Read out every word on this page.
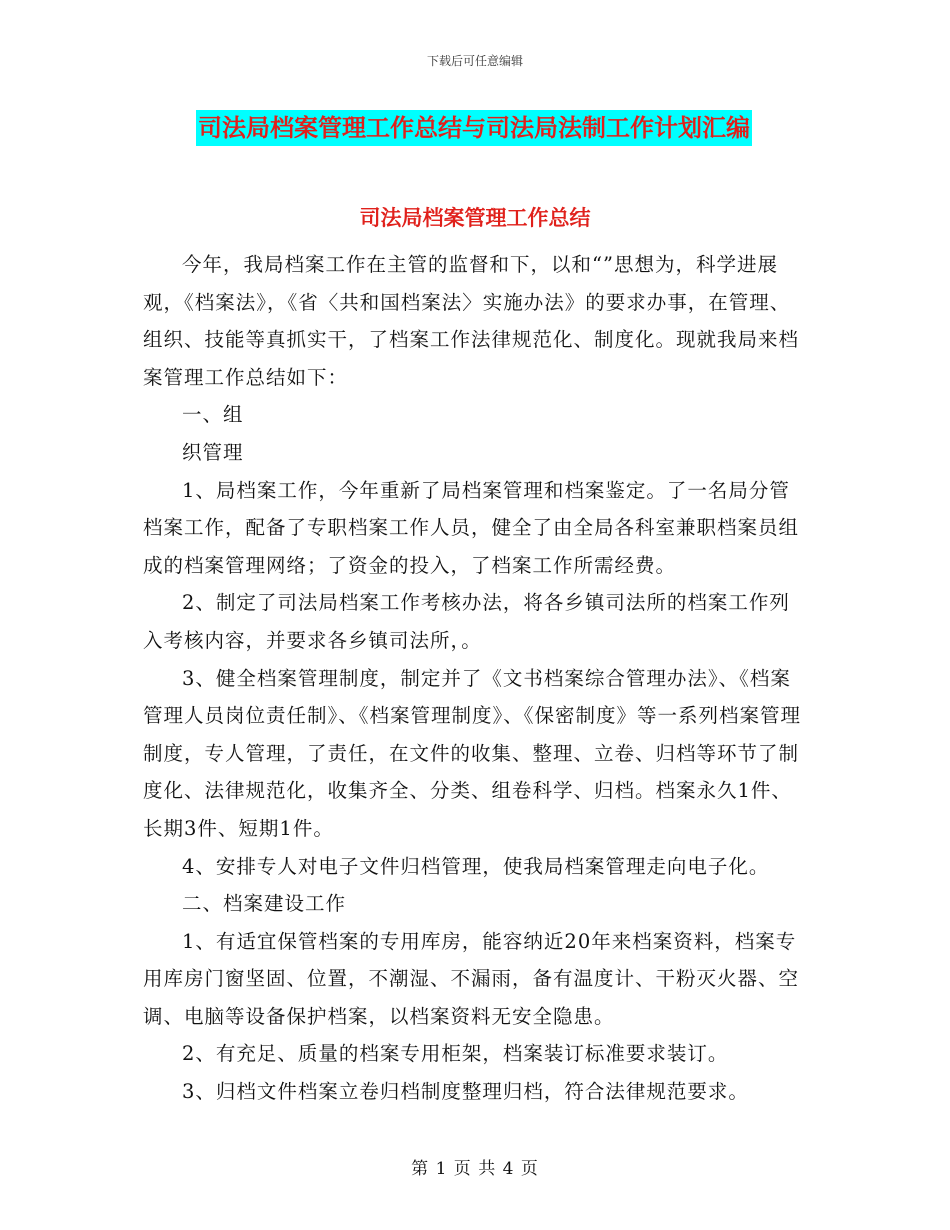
下载后可任意编辑
司法局档案管理工作总结与司法局法制工作计划汇编
司法局档案管理工作总结

今年，我局档案工作在主管的监督和下，以和“”思想为，科学进展观，《档案法》，《省〈共和国档案法〉实施办法》的要求办事，在管理、组织、技能等真抓实干，了档案工作法律规范化、制度化。现就我局来档案管理工作总结如下：

一、组

织管理

1、局档案工作，今年重新了局档案管理和档案鉴定。了一名局分管档案工作，配备了专职档案工作人员，健全了由全局各科室兼职档案员组成的档案管理网络；了资金的投入，了档案工作所需经费。

2、制定了司法局档案工作考核办法，将各乡镇司法所的档案工作列入考核内容，并要求各乡镇司法所，。

3、健全档案管理制度，制定并了《文书档案综合管理办法》、《档案管理人员岗位责任制》、《档案管理制度》、《保密制度》等一系列档案管理制度，专人管理，了责任，在文件的收集、整理、立卷、归档等环节了制度化、法律规范化，收集齐全、分类、组卷科学、归档。档案永久1件、长期3件、短期1件。

4、安排专人对电子文件归档管理，使我局档案管理走向电子化。

二、档案建设工作

1、有适宜保管档案的专用库房，能容纳近20年来档案资料，档案专用库房门窗坚固、位置，不潮湿、不漏雨，备有温度计、干粉灭火器、空调、电脑等设备保护档案，以档案资料无安全隐患。

2、有充足、质量的档案专用柜架，档案装订标准要求装订。

3、归档文件档案立卷归档制度整理归档，符合法律规范要求。

第 1 页 共 4 页
